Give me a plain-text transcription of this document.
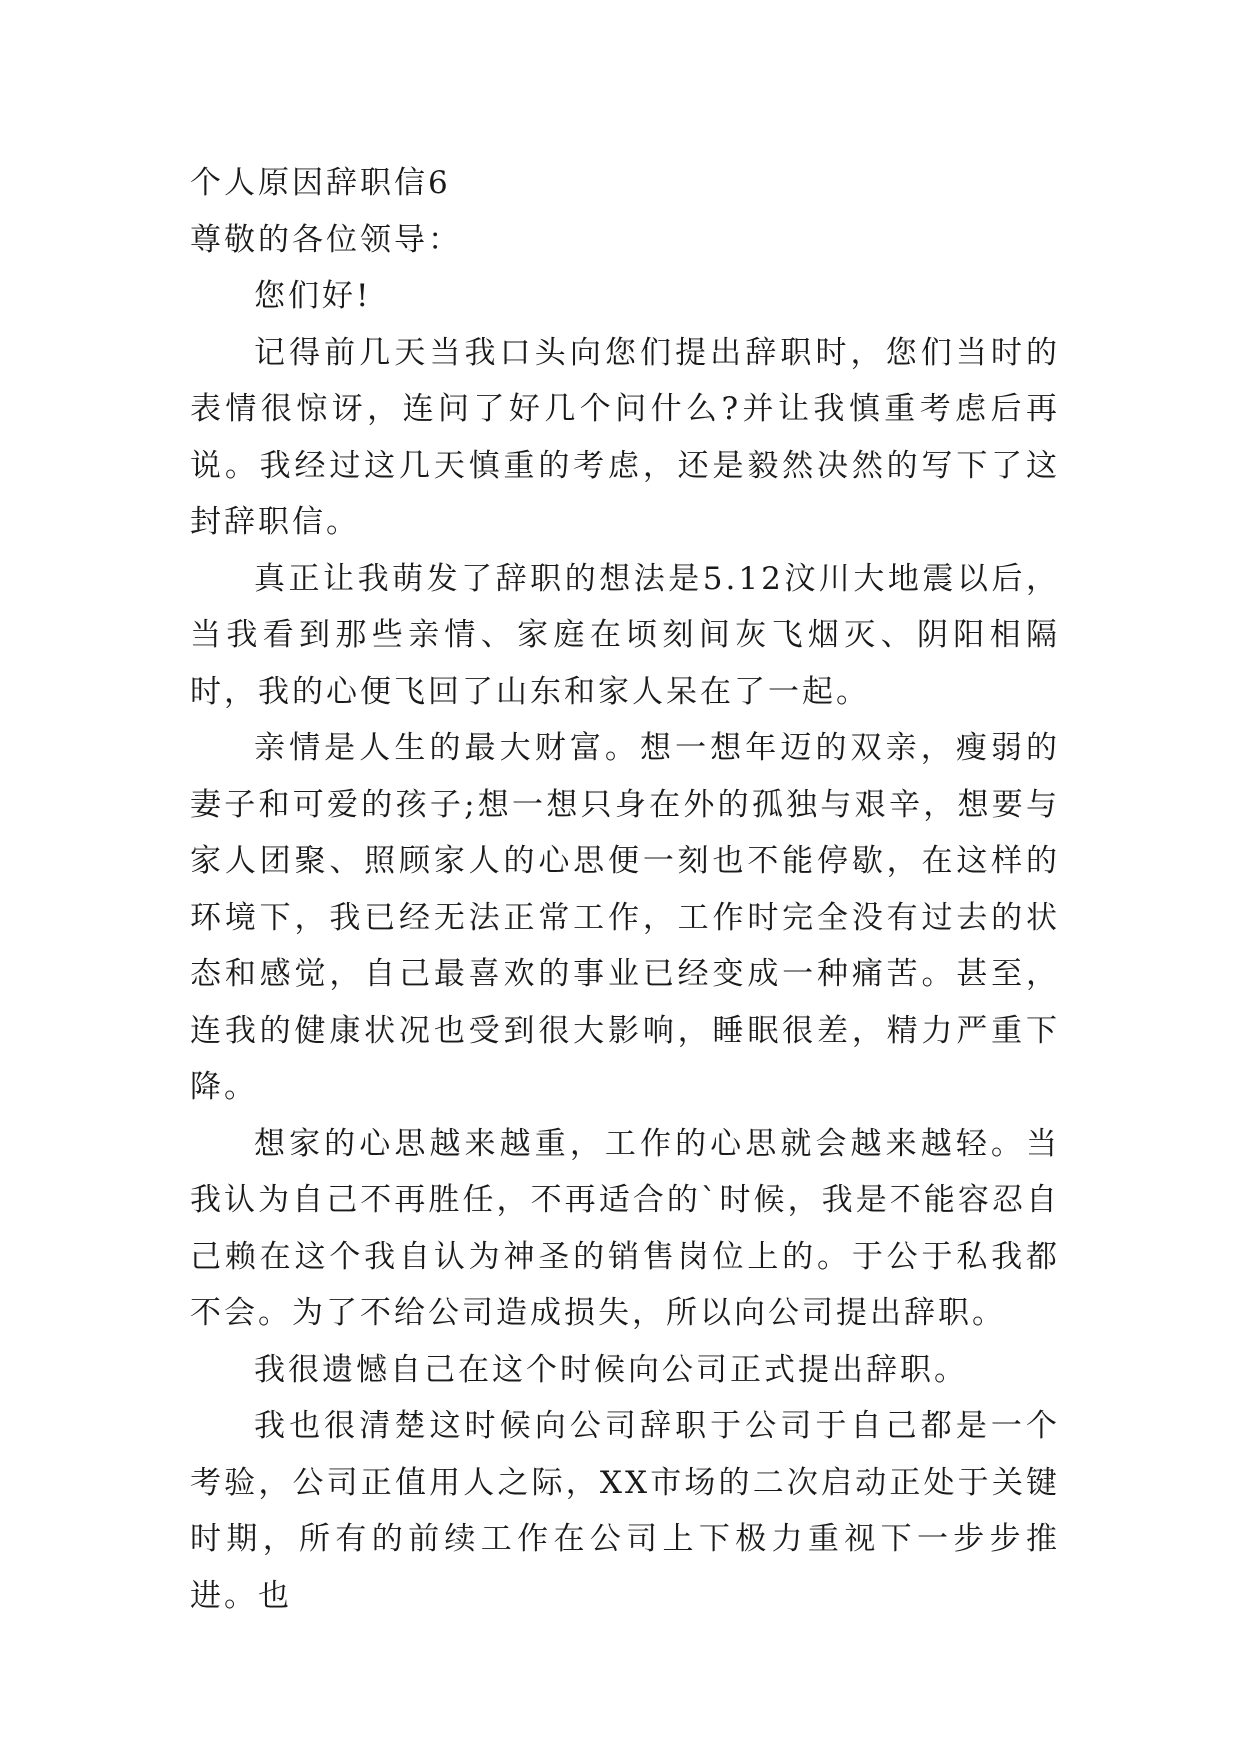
个人原因辞职信6

尊敬的各位领导：

您们好!

记得前几天当我口头向您们提出辞职时，您们当时的表情很惊讶，连问了好几个问什么?并让我慎重考虑后再说。我经过这几天慎重的考虑，还是毅然决然的写下了这封辞职信。

真正让我萌发了辞职的想法是5.12汶川大地震以后，当我看到那些亲情、家庭在顷刻间灰飞烟灭、阴阳相隔时，我的心便飞回了山东和家人呆在了一起。

亲情是人生的最大财富。想一想年迈的双亲，瘦弱的妻子和可爱的孩子;想一想只身在外的孤独与艰辛，想要与家人团聚、照顾家人的心思便一刻也不能停歇，在这样的环境下，我已经无法正常工作，工作时完全没有过去的状态和感觉，自己最喜欢的事业已经变成一种痛苦。甚至，连我的健康状况也受到很大影响，睡眠很差，精力严重下降。

想家的心思越来越重，工作的心思就会越来越轻。当我认为自己不再胜任，不再适合的`时候，我是不能容忍自己赖在这个我自认为神圣的销售岗位上的。于公于私我都不会。为了不给公司造成损失，所以向公司提出辞职。

我很遗憾自己在这个时候向公司正式提出辞职。

我也很清楚这时候向公司辞职于公司于自己都是一个考验，公司正值用人之际，XX市场的二次启动正处于关键时期，所有的前续工作在公司上下极力重视下一步步推进。也
